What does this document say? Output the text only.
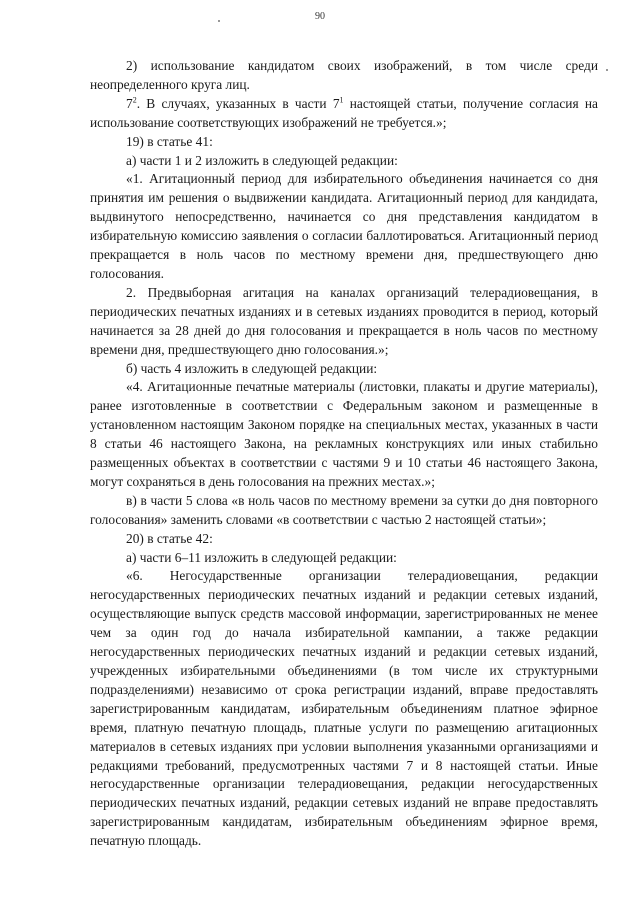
90

2) использование кандидатом своих изображений, в том числе среди неопределенного круга лиц.

$7^2$. В случаях, указанных в части $7^1$ настоящей статьи, получение согласия на использование соответствующих изображений не требуется.»;

19) в статье 41:

а) части 1 и 2 изложить в следующей редакции:

«1. Агитационный период для избирательного объединения начинается со дня принятия им решения о выдвижении кандидата. Агитационный период для кандидата, выдвинутого непосредственно, начинается со дня представления кандидатом в избирательную комиссию заявления о согласии баллотироваться. Агитационный период прекращается в ноль часов по местному времени дня, предшествующего дню голосования.

2. Предвыборная агитация на каналах организаций телерадиовещания, в периодических печатных изданиях и в сетевых изданиях проводится в период, который начинается за 28 дней до дня голосования и прекращается в ноль часов по местному времени дня, предшествующего дню голосования.»;

б) часть 4 изложить в следующей редакции:

«4. Агитационные печатные материалы (листовки, плакаты и другие материалы), ранее изготовленные в соответствии с Федеральным законом и размещенные в установленном настоящим Законом порядке на специальных местах, указанных в части 8 статьи 46 настоящего Закона, на рекламных конструкциях или иных стабильно размещенных объектах в соответствии с частями 9 и 10 статьи 46 настоящего Закона, могут сохраняться в день голосования на прежних местах.»;

в) в части 5 слова «в ноль часов по местному времени за сутки до дня повторного голосования» заменить словами «в соответствии с частью 2 настоящей статьи»;

20) в статье 42:

а) части 6–11 изложить в следующей редакции:

«6. Негосударственные организации телерадиовещания, редакции негосударственных периодических печатных изданий и редакции сетевых изданий, осуществляющие выпуск средств массовой информации, зарегистрированных не менее чем за один год до начала избирательной кампании, а также редакции негосударственных периодических печатных изданий и редакции сетевых изданий, учрежденных избирательными объединениями (в том числе их структурными подразделениями) независимо от срока регистрации изданий, вправе предоставлять зарегистрированным кандидатам, избирательным объединениям платное эфирное время, платную печатную площадь, платные услуги по размещению агитационных материалов в сетевых изданиях при условии выполнения указанными организациями и редакциями требований, предусмотренных частями 7 и 8 настоящей статьи. Иные негосударственные организации телерадиовещания, редакции негосударственных периодических печатных изданий, редакции сетевых изданий не вправе предоставлять зарегистрированным кандидатам, избирательным объединениям эфирное время, печатную площадь.
